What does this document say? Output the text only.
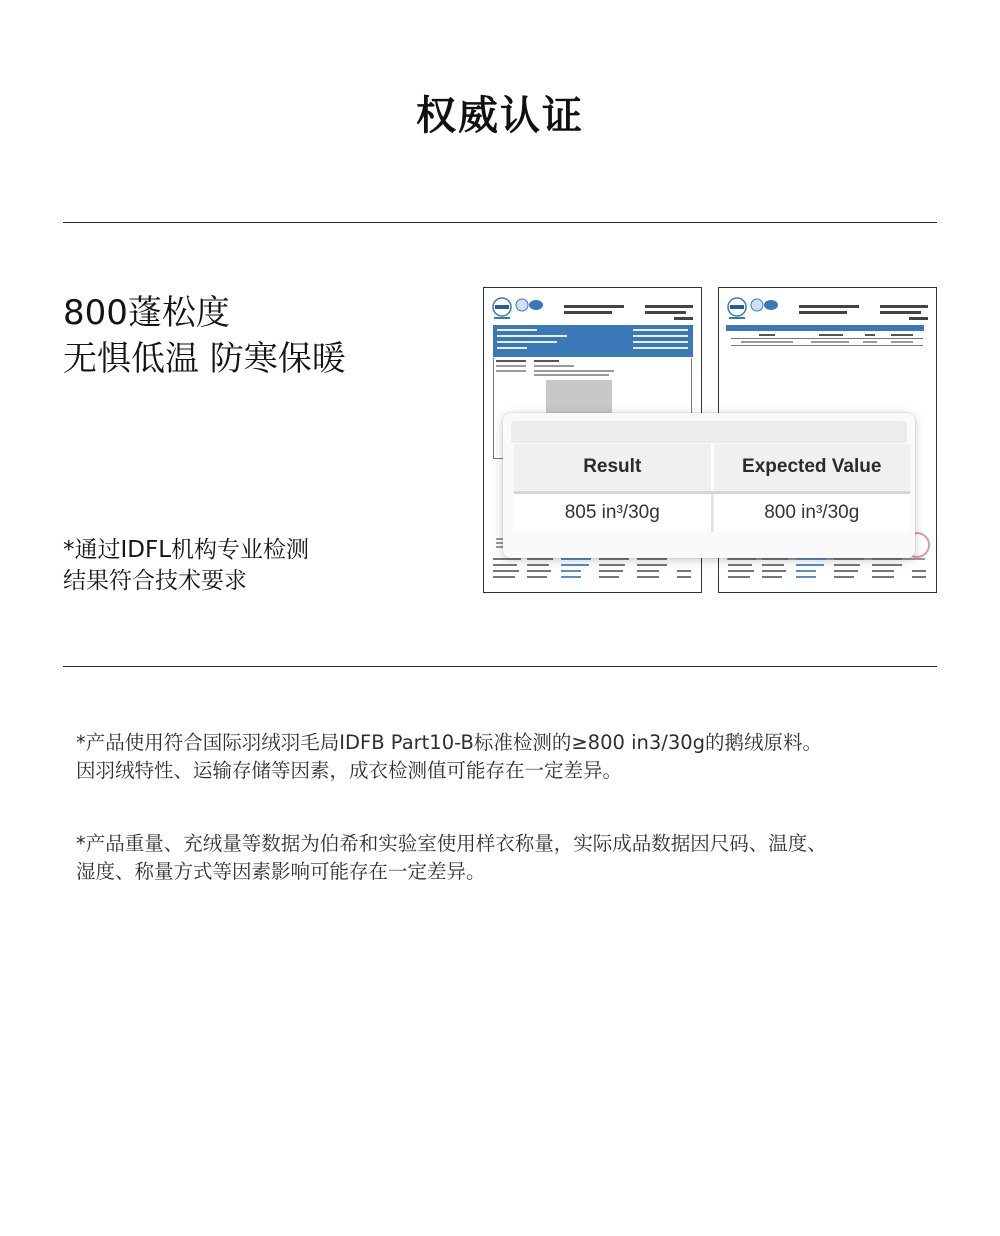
权威认证
800蓬松度
无惧低温 防寒保暖
*通过IDFL机构专业检测
结果符合技术要求
Result	Expected Value
805 in³/30g	800 in³/30g
*产品使用符合国际羽绒羽毛局IDFB Part10-B标准检测的≥800 in3/30g的鹅绒原料。
因羽绒特性、运输存储等因素，成衣检测值可能存在一定差异。
*产品重量、充绒量等数据为伯希和实验室使用样衣称量，实际成品数据因尺码、温度、
湿度、称量方式等因素影响可能存在一定差异。
